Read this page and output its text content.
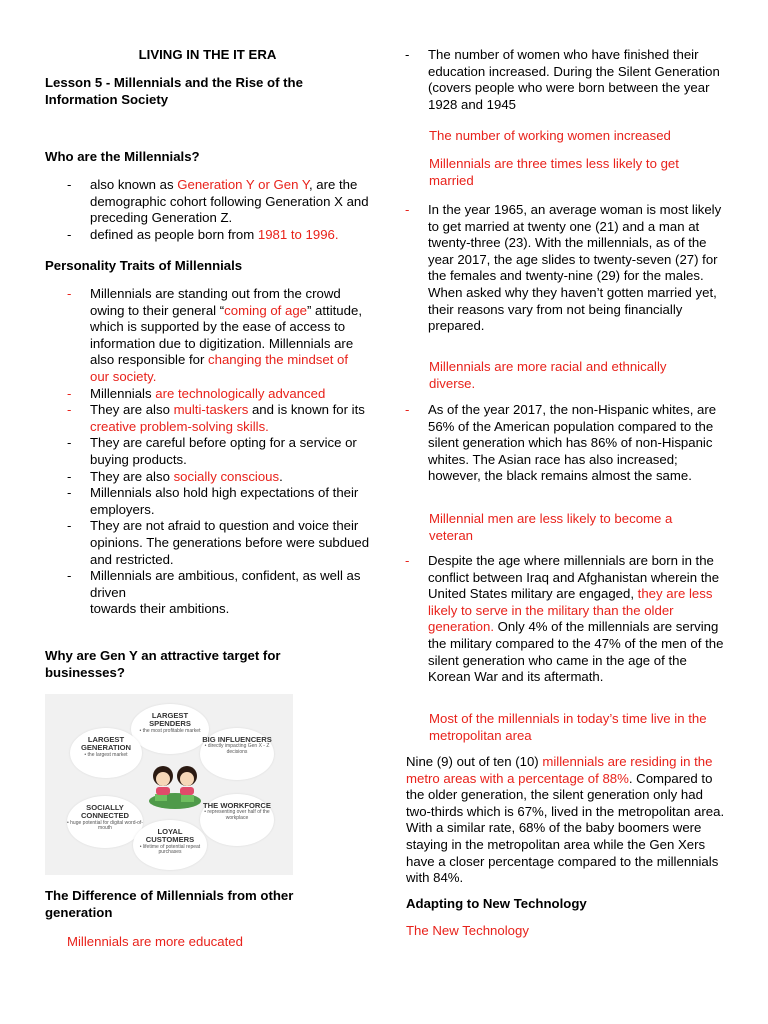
LIVING IN THE IT ERA
Lesson 5 - Millennials and the Rise of the Information Society
Who are the Millennials?
- also known as Generation Y or Gen Y, are the demographic cohort following Generation X and preceding Generation Z.
- defined as people born from 1981 to 1996.
Personality Traits of Millennials
- Millennials are standing out from the crowd owing to their general “coming of age” attitude, which is supported by the ease of access to information due to digitization. Millennials are also responsible for changing the mindset of our society.
- Millennials are technologically advanced
- They are also multi-taskers and is known for its creative problem-solving skills.
- They are careful before opting for a service or buying products.
- They are also socially conscious.
- Millennials also hold high expectations of their employers.
- They are not afraid to question and voice their opinions. The generations before were subdued and restricted.
- Millennials are ambitious, confident, as well as driven
towards their ambitions.
Why are Gen Y an attractive target for businesses?
LARGEST SPENDERS
• the most profitable market
LARGEST GENERATION
• the largest market
BIG INFLUENCERS
• directly impacting Gen X - Z decisions
SOCIALLY CONNECTED
• huge potential for digital word-of-mouth
THE WORKFORCE
• representing over half of the workplace
LOYAL CUSTOMERS
• lifetime of potential repeat purchases
The Difference of Millennials from other generation
Millennials are more educated
- The number of women who have finished their education increased. During the Silent Generation (covers people who were born between the year 1928 and 1945
The number of working women increased
Millennials are three times less likely to get married
- In the year 1965, an average woman is most likely to get married at twenty one (21) and a man at twenty-three (23). With the millennials, as of the year 2017, the age slides to twenty-seven (27) for the females and twenty-nine (29) for the males. When asked why they haven’t gotten married yet, their reasons vary from not being financially prepared.
Millennials are more racial and ethnically diverse.
- As of the year 2017, the non-Hispanic whites, are 56% of the American population compared to the silent generation which has 86% of non-Hispanic whites. The Asian race has also increased; however, the black remains almost the same.
Millennial men are less likely to become a veteran
- Despite the age where millennials are born in the conflict between Iraq and Afghanistan wherein the United States military are engaged, they are less likely to serve in the military than the older generation. Only 4% of the millennials are serving the military compared to the 47% of the men of the silent generation who came in the age of the Korean War and its aftermath.
Most of the millennials in today’s time live in the metropolitan area
Nine (9) out of ten (10) millennials are residing in the metro areas with a percentage of 88%. Compared to the older generation, the silent generation only had two-thirds which is 67%, lived in the metropolitan area. With a similar rate, 68% of the baby boomers were staying in the metropolitan area while the Gen Xers have a closer percentage compared to the millennials with 84%.
Adapting to New Technology
The New Technology
